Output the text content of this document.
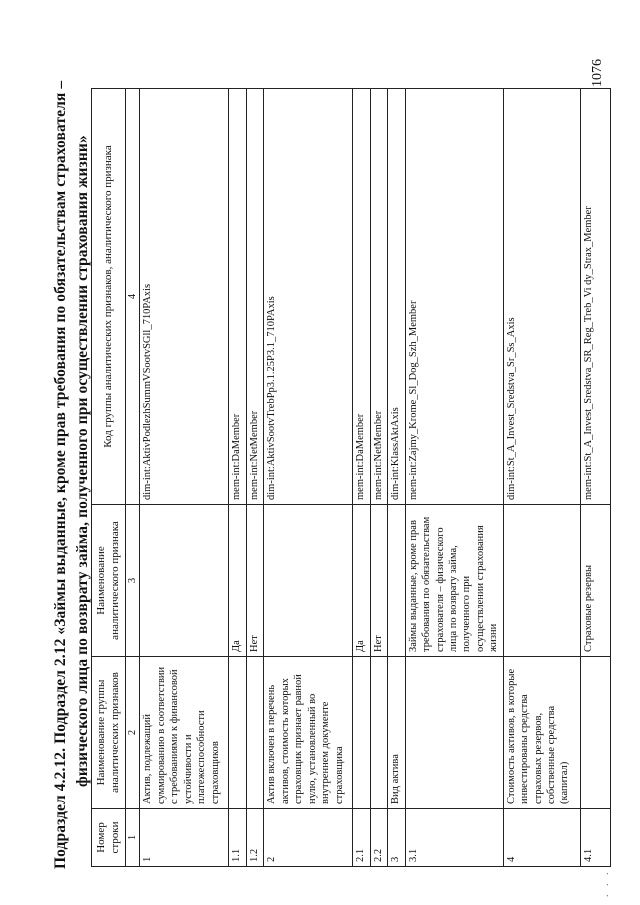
Подраздел 4.2.12. Подраздел 2.12 «Займы выданные, кроме прав требования по обязательствам страхователя – физического лица по возврату займа, полученного при осуществлении страхования жизни»
Номер строки	Наименование группы аналитических признаков	Наименование аналитического признака	Код группы аналитических признаков, аналитического признака
1	2	3	4
1	Актив, подлежащий суммированию в соответствии с требованиями к финансовой устойчивости и платежеспособности страховщиков		dim-int:AktivPodlezhSummVSootvSGll_710PAxis
1.1		Да	mem-int:DaMember
1.2		Нет	mem-int:NetMember
2	Актив включен в перечень активов, стоимость которых страховщик признает равной нулю, установленный во внутреннем документе страховщика		dim-int:AktivSootvTrebPp3.1.25P3.1_710PAxis
2.1		Да	mem-int:DaMember
2.2		Нет	mem-int:NetMember
3	Вид актива		dim-int:KlassAktAxis
3.1		Займы выданные, кроме прав требования по обязательствам страхователя – физического лица по возврату займа, полученного при осуществлении страхования жизни	mem-int:Zajmy_Krome_Sl_Dog_Szh_Member
4	Стоимость активов, в которые инвестированы средства страховых резервов, собственные средства (капитал)		dim-int:St_A_Invest_Sredstva_Sr_Ss_Axis
4.1		Страховые резервы	mem-int:St_A_Invest_Sredstva_SR_Reg_Treb_Vi dy_Strax_Member
1076
. . .
